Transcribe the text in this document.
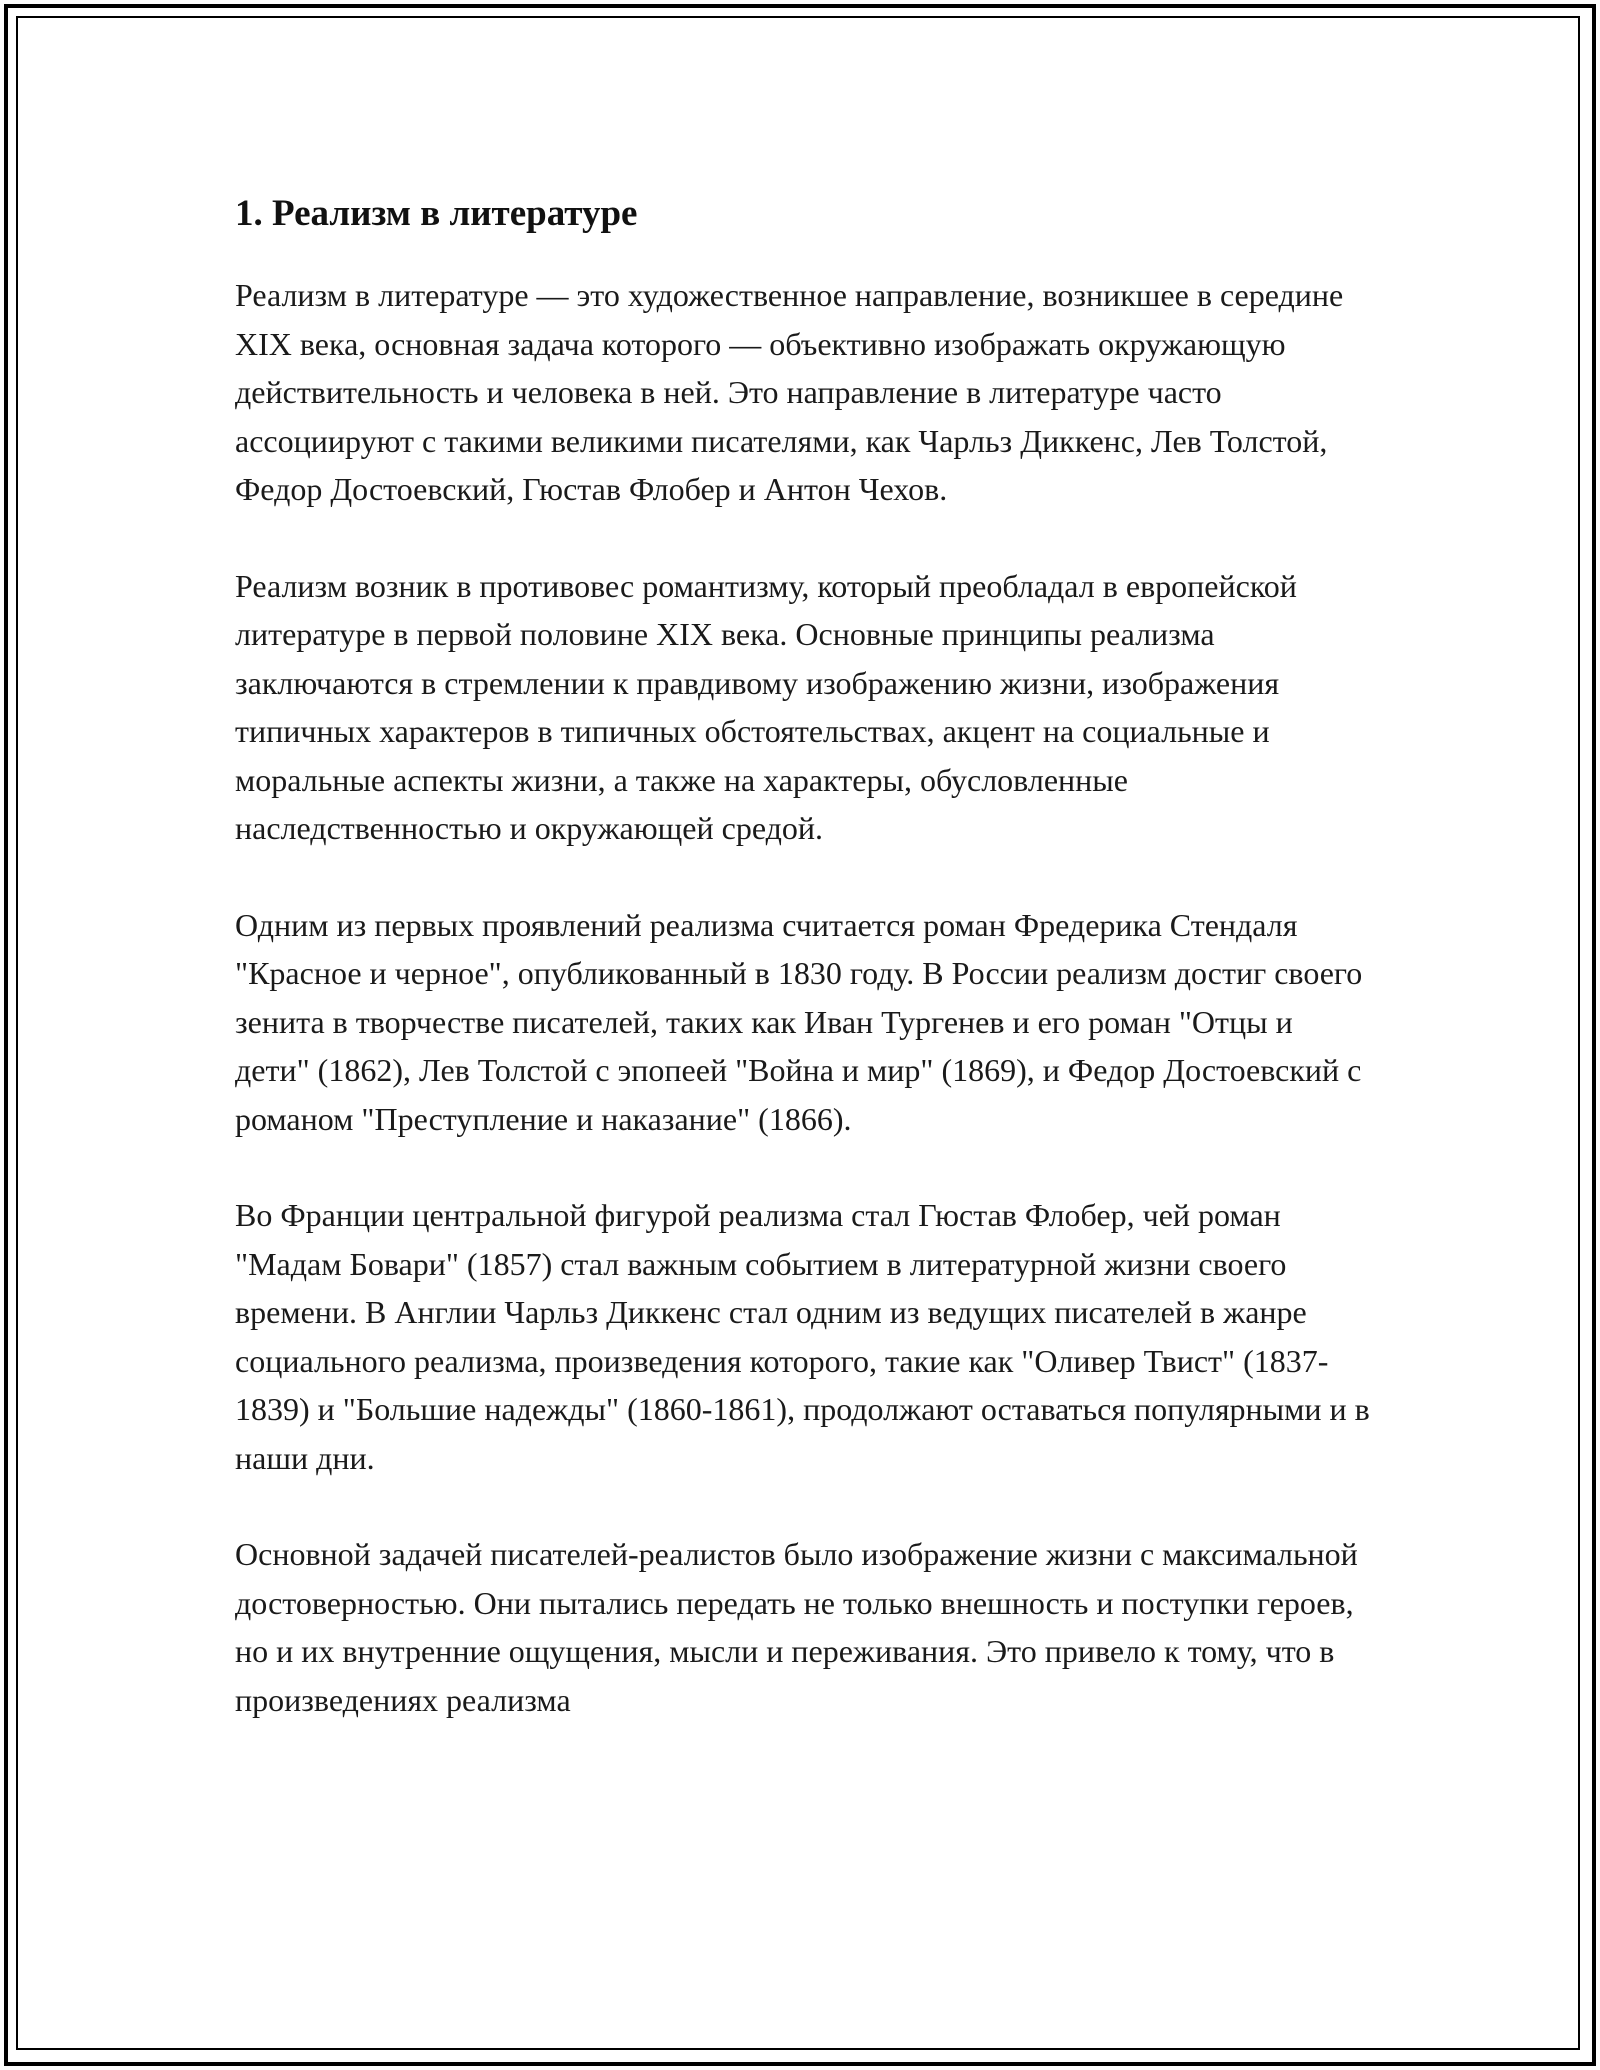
1. Реализм в литературе

Реализм в литературе — это художественное направление, возникшее в середине XIX века, основная задача которого — объективно изображать окружающую действительность и человека в ней. Это направление в литературе часто ассоциируют с такими великими писателями, как Чарльз Диккенс, Лев Толстой, Федор Достоевский, Гюстав Флобер и Антон Чехов.

Реализм возник в противовес романтизму, который преобладал в европейской литературе в первой половине XIX века. Основные принципы реализма заключаются в стремлении к правдивому изображению жизни, изображения типичных характеров в типичных обстоятельствах, акцент на социальные и моральные аспекты жизни, а также на характеры, обусловленные наследственностью и окружающей средой.

Одним из первых проявлений реализма считается роман Фредерика Стендаля "Красное и черное", опубликованный в 1830 году. В России реализм достиг своего зенита в творчестве писателей, таких как Иван Тургенев и его роман "Отцы и дети" (1862), Лев Толстой с эпопеей "Война и мир" (1869), и Федор Достоевский с романом "Преступление и наказание" (1866).

Во Франции центральной фигурой реализма стал Гюстав Флобер, чей роман "Мадам Бовари" (1857) стал важным событием в литературной жизни своего времени. В Англии Чарльз Диккенс стал одним из ведущих писателей в жанре социального реализма, произведения которого, такие как "Оливер Твист" (1837-1839) и "Большие надежды" (1860-1861), продолжают оставаться популярными и в наши дни.

Основной задачей писателей-реалистов было изображение жизни с максимальной достоверностью. Они пытались передать не только внешность и поступки героев, но и их внутренние ощущения, мысли и переживания. Это привело к тому, что в произведениях реализма
